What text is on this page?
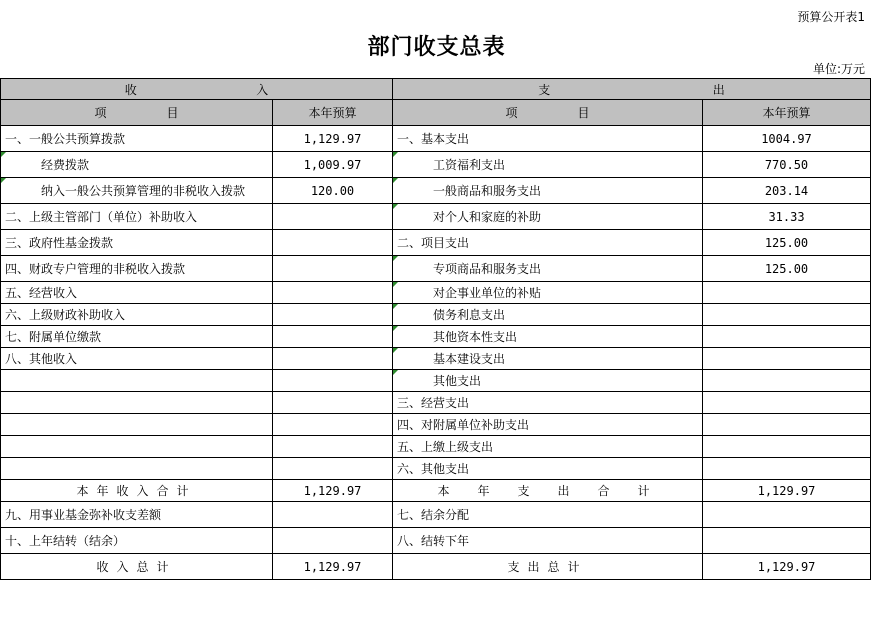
预算公开表1
部门收支总表
单位:万元
收 入		支 出	

项　　　　　目	本年预算	项　　　　　目	本年预算
一、一般公共预算拨款	1,129.97	一、基本支出	1004.97
经费拨款	1,009.97	工资福利支出	770.50
纳入一般公共预算管理的非税收入拨款	120.00	一般商品和服务支出	203.14
二、上级主管部门（单位）补助收入		对个人和家庭的补助	31.33
三、政府性基金拨款		二、项目支出	125.00
四、财政专户管理的非税收入拨款		专项商品和服务支出	125.00
五、经营收入		对企事业单位的补贴	
六、上级财政补助收入		债务利息支出	
七、附属单位缴款		其他资本性支出	
八、其他收入		基本建设支出	
		其他支出	
		三、经营支出	
		四、对附属单位补助支出	
		五、上缴上级支出	
		六、其他支出	
本年收入合计	1,129.97	本　年　支　出　合　计	1,129.97
九、用事业基金弥补收支差额		七、结余分配	
十、上年结转（结余）		八、结转下年	
收入总计	1,129.97	支出总计	1,129.97
